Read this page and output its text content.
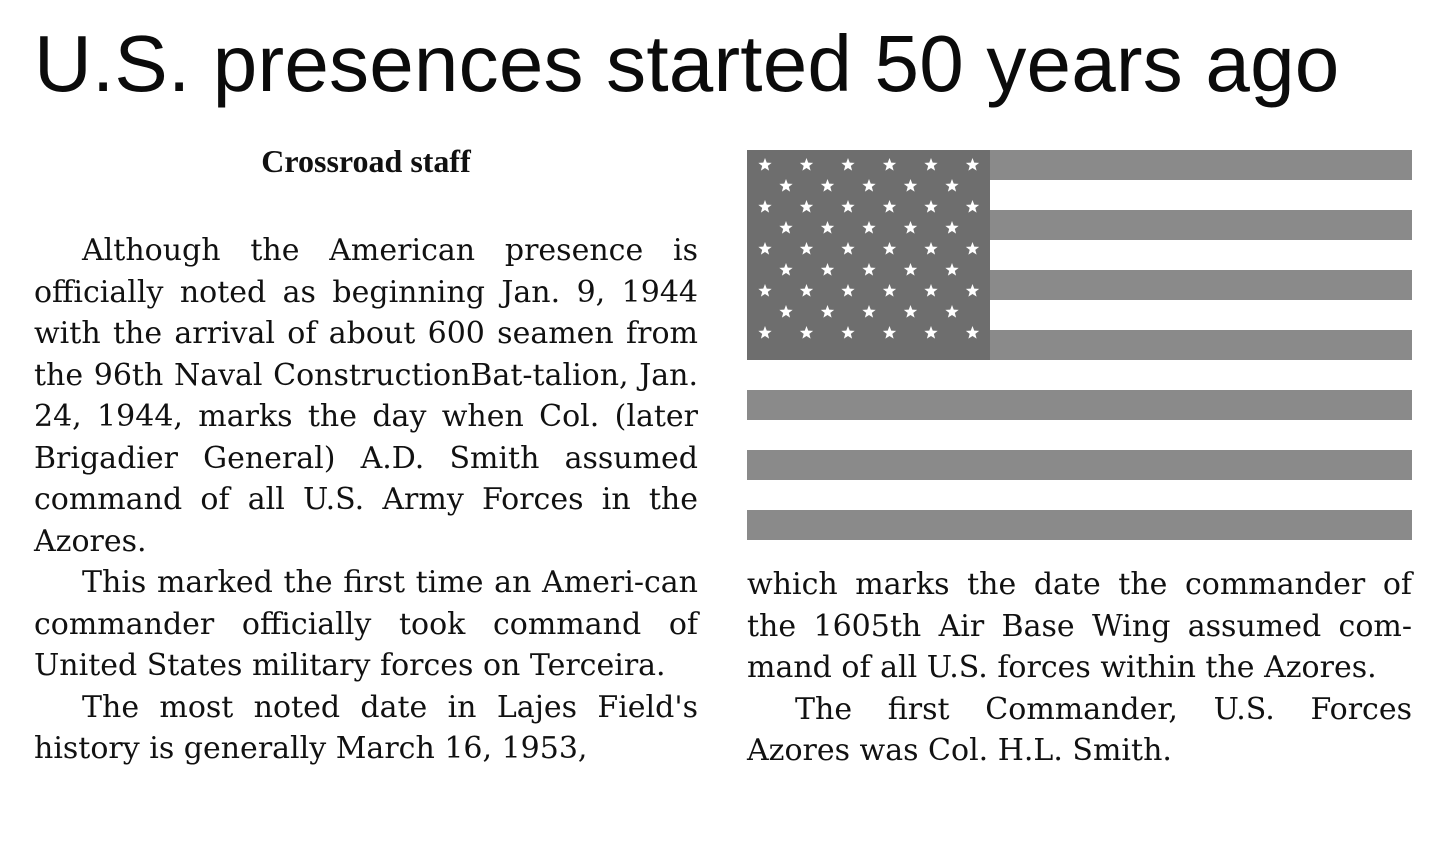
U.S. presences started 50 years ago
Crossroad staff

Although the American presence is officially noted as beginning Jan. 9, 1944 with the arrival of about 600 seamen from the 96th Naval ConstructionBat-talion, Jan. 24, 1944, marks the day when Col. (later Brigadier General) A.D. Smith assumed command of all U.S. Army Forces in the Azores.

This marked the first time an Ameri-can commander officially took command of United States military forces on Terceira.

The most noted date in Lajes Field's history is generally March 16, 1953,

which marks the date the commander of the 1605th Air Base Wing assumed com-mand of all U.S. forces within the Azores.

The first Commander, U.S. Forces Azores was Col. H.L. Smith.
